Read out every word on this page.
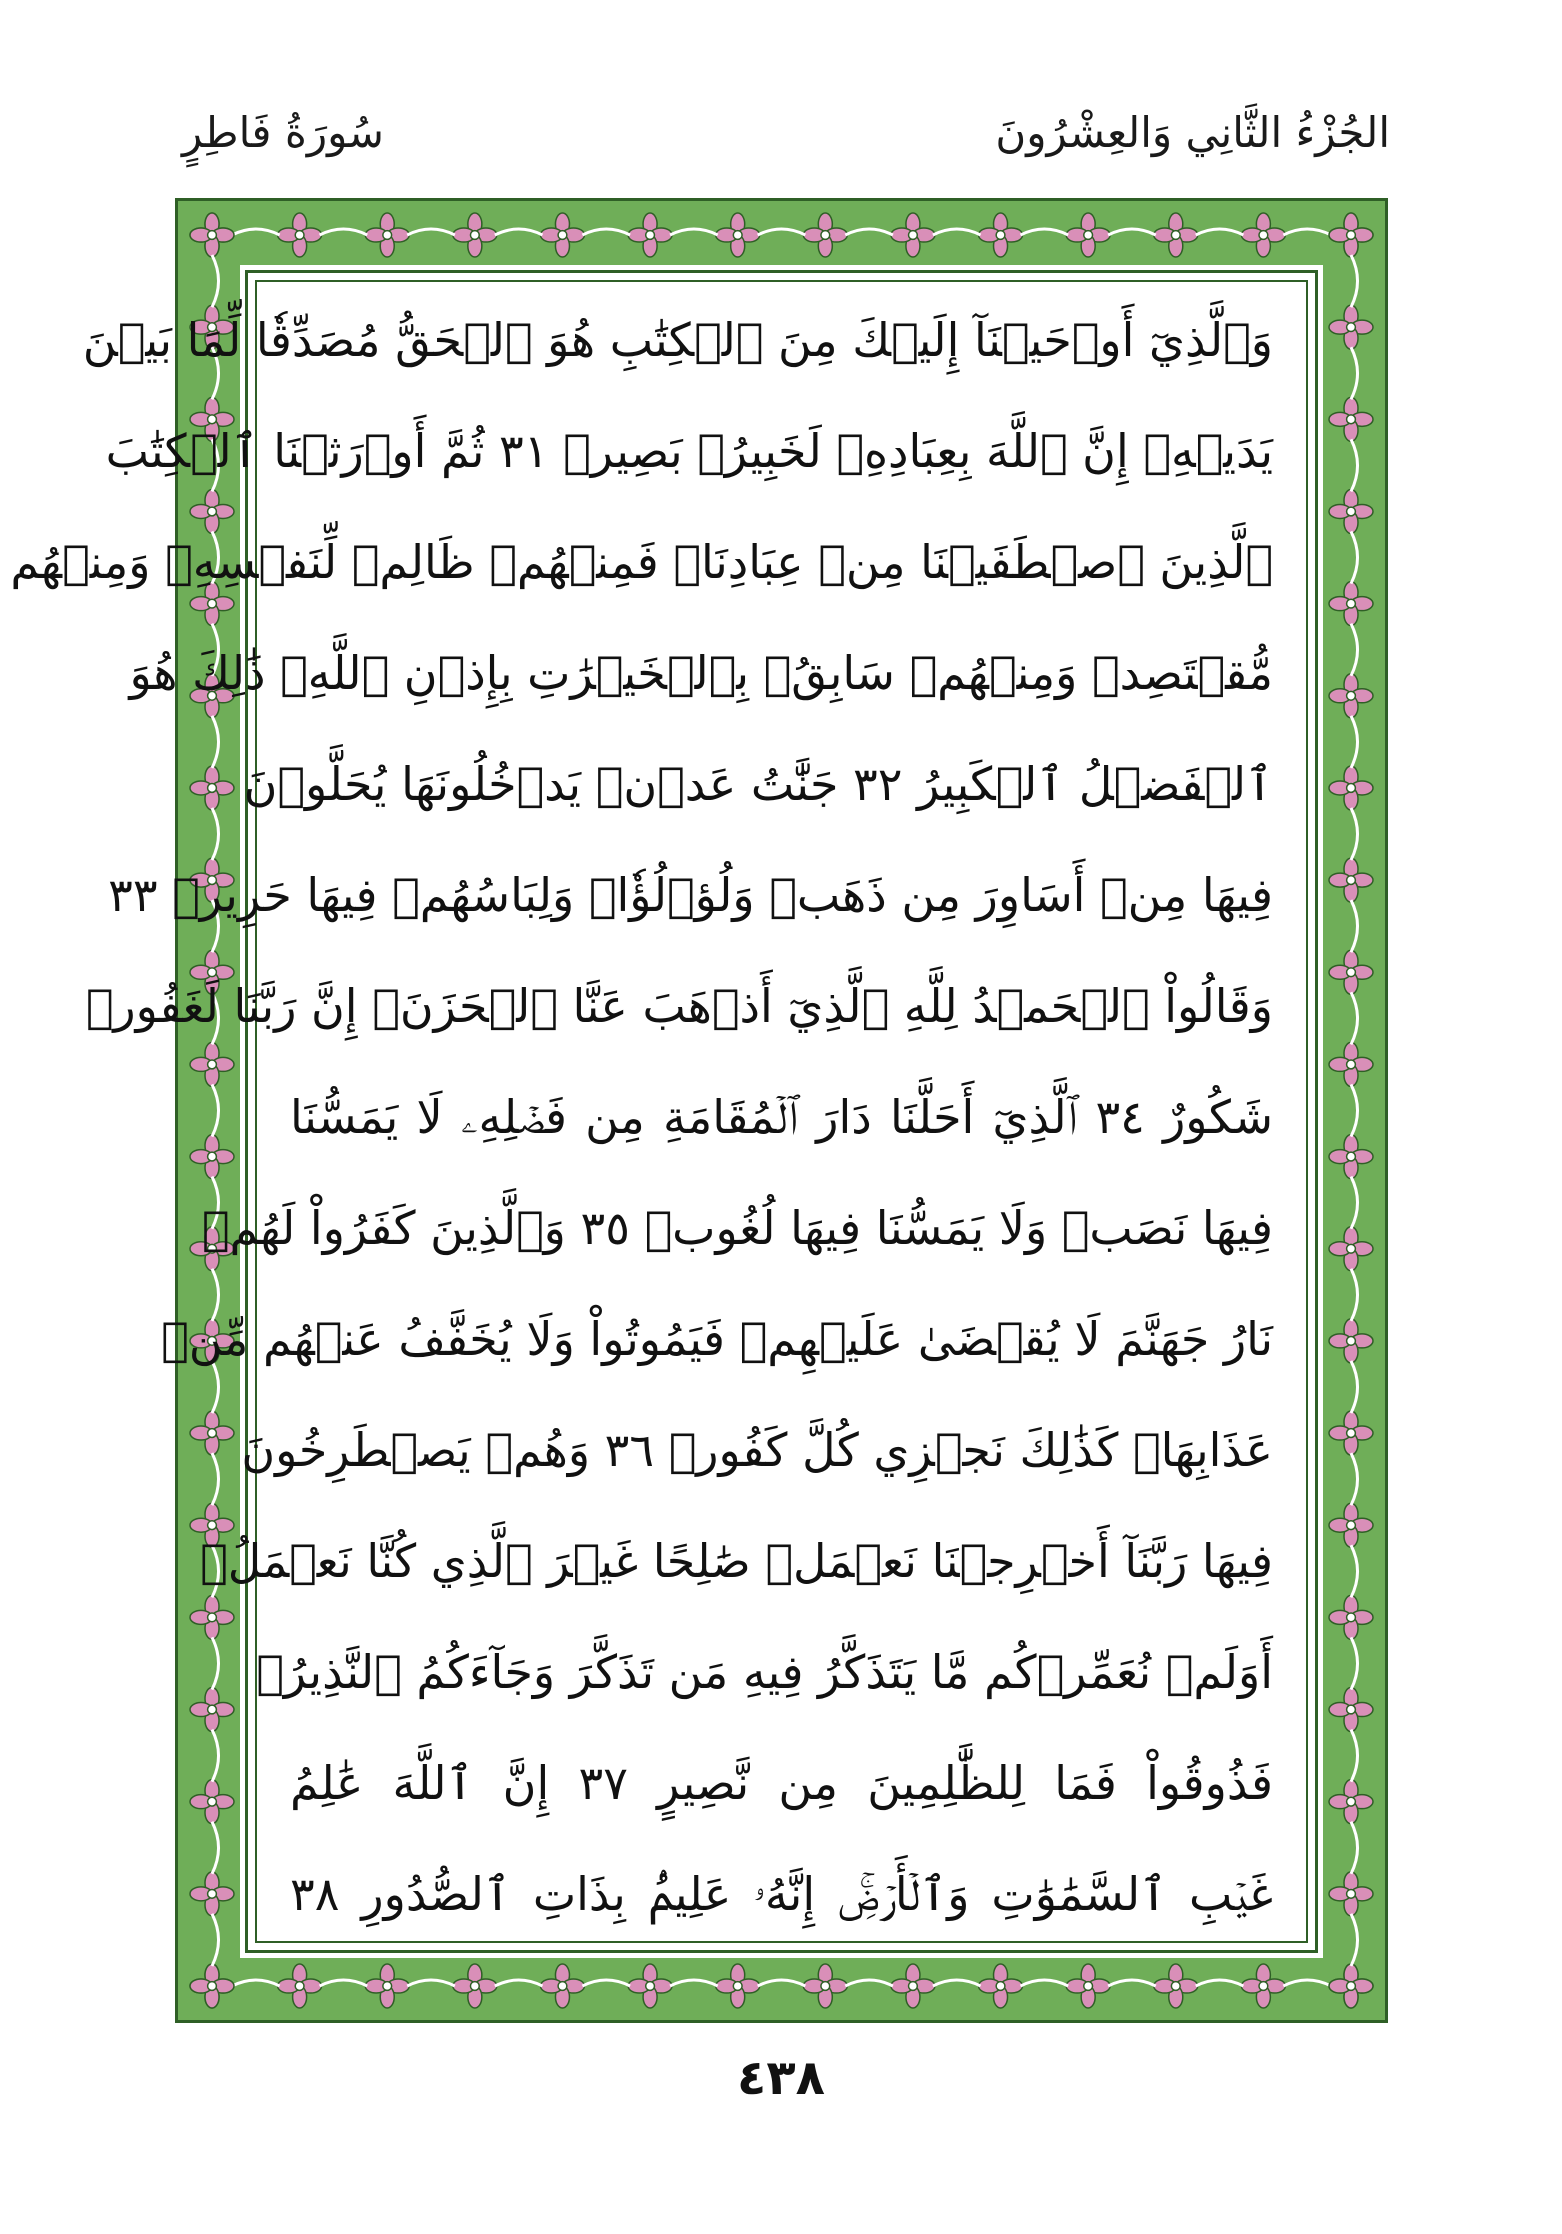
الجُزْءُ الثَّانِي وَالعِشْرُونَ
سُورَةُ فَاطِرٍ
وَٱلَّذِيٓ أَوۡحَيۡنَآ إِلَيۡكَ مِنَ ٱلۡكِتَٰبِ هُوَ ٱلۡحَقُّ مُصَدِّقٗا لِّمَا بَيۡنَ
يَدَيۡهِۗ إِنَّ ٱللَّهَ بِعِبَادِهِۦ لَخَبِيرُۢ بَصِيرٞ ٣١ ثُمَّ أَوۡرَثۡنَا ٱلۡكِتَٰبَ
ٱلَّذِينَ ٱصۡطَفَيۡنَا مِنۡ عِبَادِنَاۖ فَمِنۡهُمۡ ظَالِمٞ لِّنَفۡسِهِۦ وَمِنۡهُم
مُّقۡتَصِدٞ وَمِنۡهُمۡ سَابِقُۢ بِٱلۡخَيۡرَٰتِ بِإِذۡنِ ٱللَّهِۚ ذَٰلِكَ هُوَ
ٱلۡفَضۡلُ ٱلۡكَبِيرُ ٣٢ جَنَّٰتُ عَدۡنٖ يَدۡخُلُونَهَا يُحَلَّوۡنَ
فِيهَا مِنۡ أَسَاوِرَ مِن ذَهَبٖ وَلُؤۡلُؤٗاۖ وَلِبَاسُهُمۡ فِيهَا حَرِيرٞ ٣٣
وَقَالُواْ ٱلۡحَمۡدُ لِلَّهِ ٱلَّذِيٓ أَذۡهَبَ عَنَّا ٱلۡحَزَنَۖ إِنَّ رَبَّنَا لَغَفُورٞ
شَكُورٌ ٣٤ ٱلَّذِيٓ أَحَلَّنَا دَارَ ٱلۡمُقَامَةِ مِن فَضۡلِهِۦ لَا يَمَسُّنَا
فِيهَا نَصَبٞ وَلَا يَمَسُّنَا فِيهَا لُغُوبٞ ٣٥ وَٱلَّذِينَ كَفَرُواْ لَهُمۡ
نَارُ جَهَنَّمَ لَا يُقۡضَىٰ عَلَيۡهِمۡ فَيَمُوتُواْ وَلَا يُخَفَّفُ عَنۡهُم مِّنۡ
عَذَابِهَاۚ كَذَٰلِكَ نَجۡزِي كُلَّ كَفُورٖ ٣٦ وَهُمۡ يَصۡطَرِخُونَ
فِيهَا رَبَّنَآ أَخۡرِجۡنَا نَعۡمَلۡ صَٰلِحًا غَيۡرَ ٱلَّذِي كُنَّا نَعۡمَلُۚ
أَوَلَمۡ نُعَمِّرۡكُم مَّا يَتَذَكَّرُ فِيهِ مَن تَذَكَّرَ وَجَآءَكُمُ ٱلنَّذِيرُۖ
فَذُوقُواْ فَمَا لِلظَّٰلِمِينَ مِن نَّصِيرٍ ٣٧ إِنَّ ٱللَّهَ عَٰلِمُ
غَيۡبِ ٱلسَّمَٰوَٰتِ وَٱلۡأَرۡضِۚ إِنَّهُۥ عَلِيمُۢ بِذَاتِ ٱلصُّدُورِ ٣٨
٤٣٨
